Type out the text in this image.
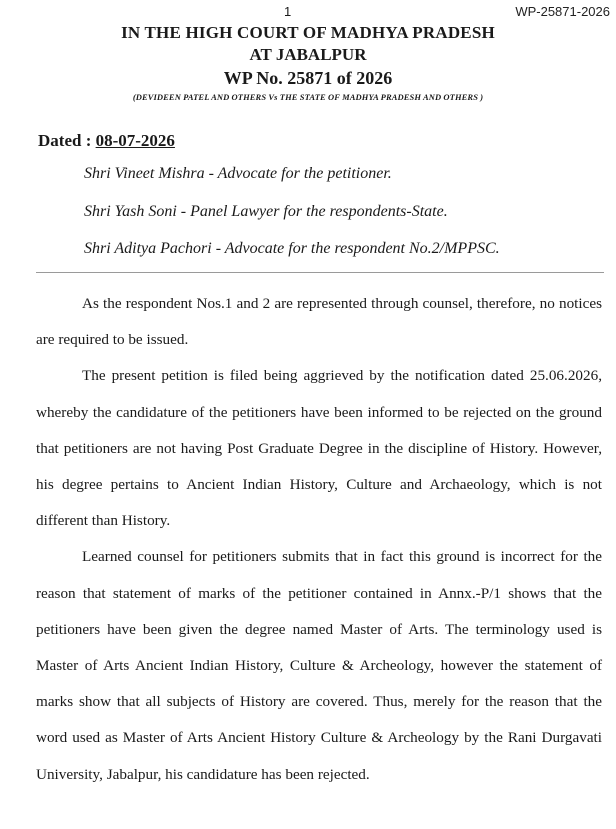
1	WP-25871-2026
IN THE HIGH COURT OF MADHYA PRADESH
AT JABALPUR
WP No. 25871 of 2026
(DEVIDEEN PATEL AND OTHERS Vs THE STATE OF MADHYA PRADESH AND OTHERS )
Dated : 08-07-2026
Shri Vineet Mishra - Advocate for the petitioner.
Shri Yash Soni - Panel Lawyer for the respondents-State.
Shri Aditya Pachori - Advocate for the respondent No.2/MPPSC.

As the respondent Nos.1 and 2 are represented through counsel, therefore, no notices are required to be issued.

The present petition is filed being aggrieved by the notification dated 25.06.2026, whereby the candidature of the petitioners have been informed to be rejected on the ground that petitioners are not having Post Graduate Degree in the discipline of History. However, his degree pertains to Ancient Indian History, Culture and Archaeology, which is not different than History.

Learned counsel for petitioners submits that in fact this ground is incorrect for the reason that statement of marks of the petitioner contained in Annx.-P/1 shows that the petitioners have been given the degree named Master of Arts. The terminology used is Master of Arts Ancient Indian History, Culture & Archeology, however the statement of marks show that all subjects of History are covered. Thus, merely for the reason that the word used as Master of Arts Ancient History Culture & Archeology by the Rani Durgavati University, Jabalpur, his candidature has been rejected.
